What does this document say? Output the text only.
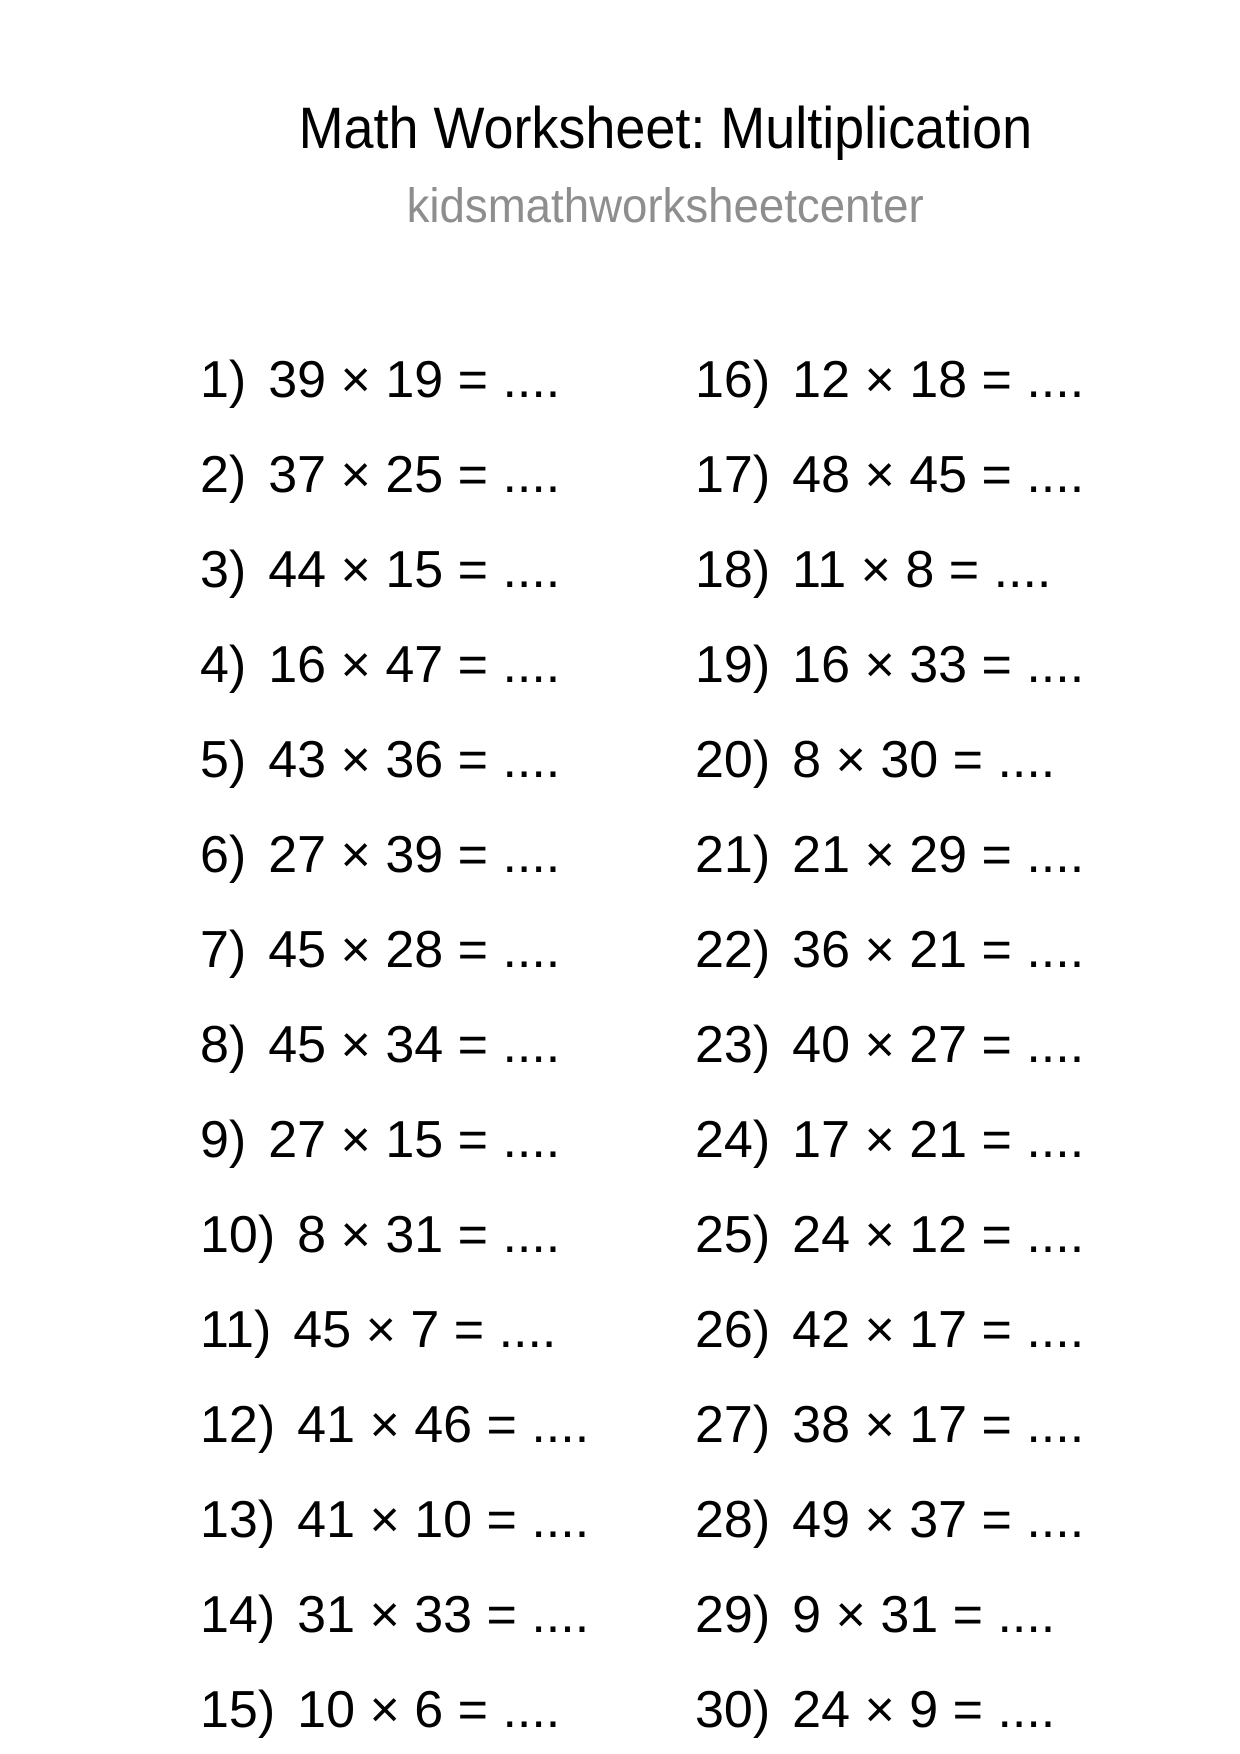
Math Worksheet: Multiplication
kidsmathworksheetcenter
1) 39 × 19 = ....
2) 37 × 25 = ....
3) 44 × 15 = ....
4) 16 × 47 = ....
5) 43 × 36 = ....
6) 27 × 39 = ....
7) 45 × 28 = ....
8) 45 × 34 = ....
9) 27 × 15 = ....
10) 8 × 31 = ....
11) 45 × 7 = ....
12) 41 × 46 = ....
13) 41 × 10 = ....
14) 31 × 33 = ....
15) 10 × 6 = ....
16) 12 × 18 = ....
17) 48 × 45 = ....
18) 11 × 8 = ....
19) 16 × 33 = ....
20) 8 × 30 = ....
21) 21 × 29 = ....
22) 36 × 21 = ....
23) 40 × 27 = ....
24) 17 × 21 = ....
25) 24 × 12 = ....
26) 42 × 17 = ....
27) 38 × 17 = ....
28) 49 × 37 = ....
29) 9 × 31 = ....
30) 24 × 9 = ....
